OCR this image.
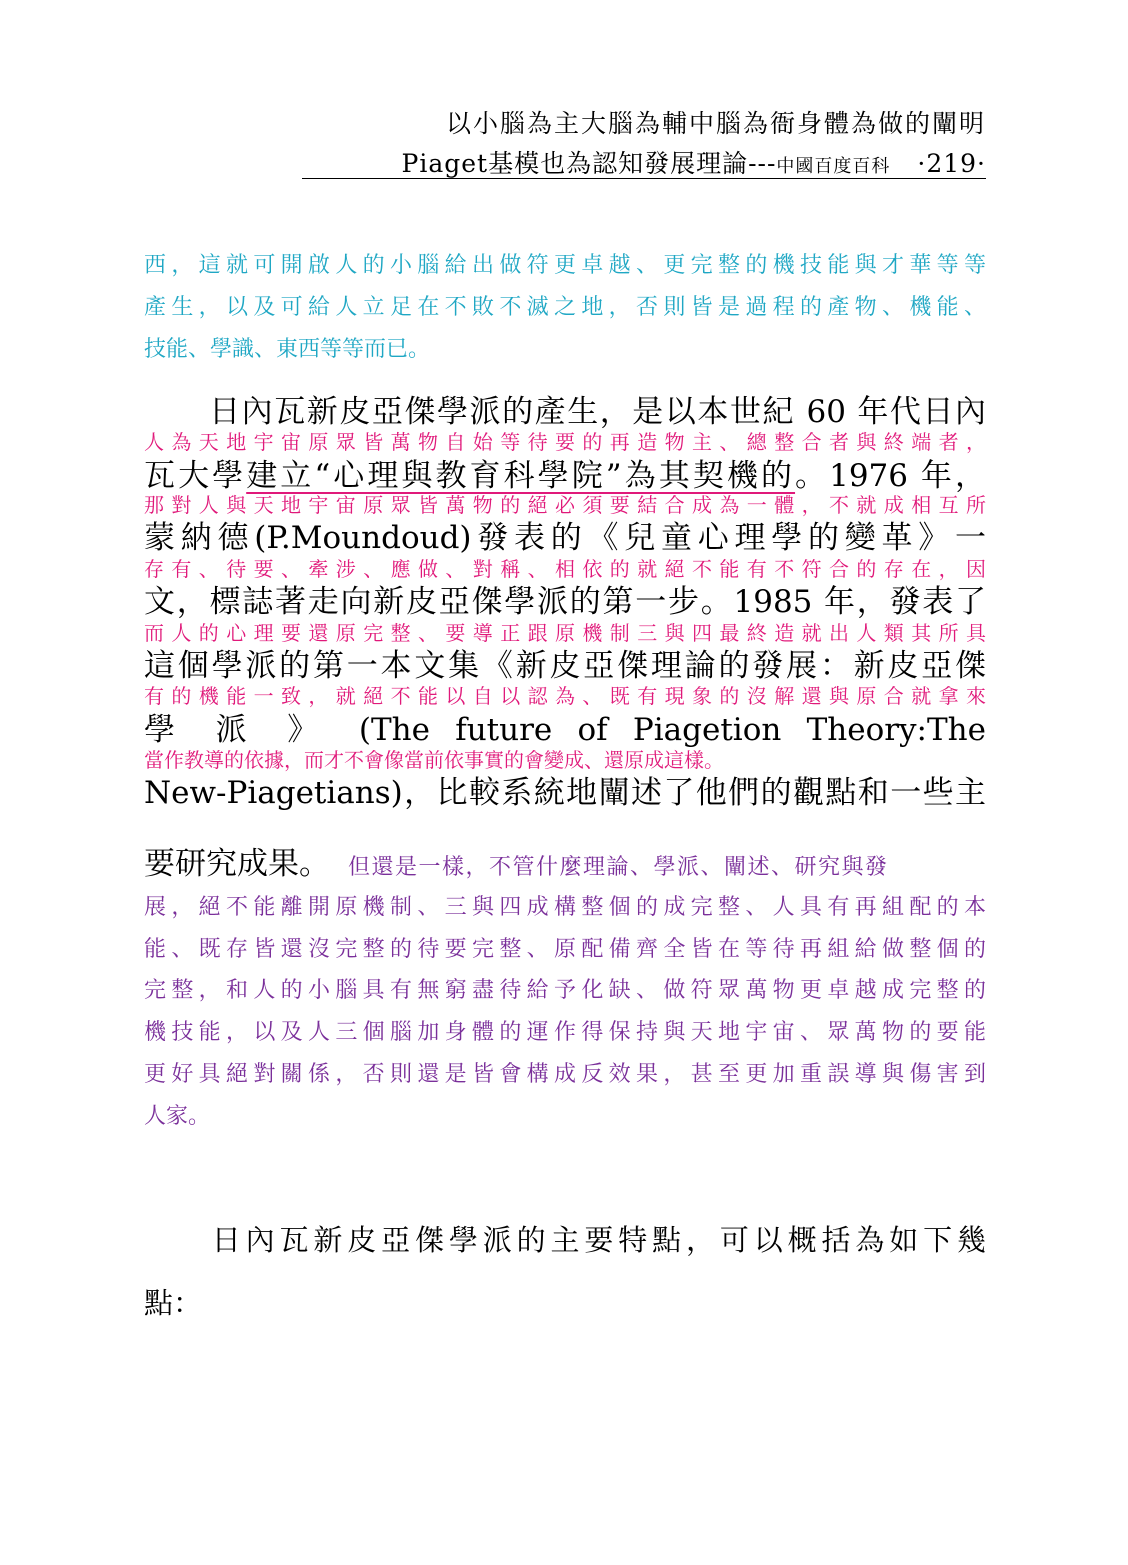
以小腦為主大腦為輔中腦為衙身體為做的闡明
Piaget基模也為認知發展理論---中國百度百科 ·219·
西，這就可開啟人的小腦給出做符更卓越、更完整的機技能與才華等等
產生，以及可給人立足在不敗不滅之地，否則皆是過程的產物、機能、
技能、學識、東西等等而已。
　　日內瓦新皮亞傑學派的產生，是以本世紀 60 年代日內
人為天地宇宙原眾皆萬物自始等待要的再造物主、總整合者與終端者，
瓦大學建立“心理與教育科學院”為其契機的。1976 年，
那對人與天地宇宙原眾皆萬物的絕必須要結合成為一體，不就成相互所
蒙納德(P.Moundoud)發表的《兒童心理學的變革》一
存有、待要、牽涉、應做、對稱、相依的就絕不能有不符合的存在，因
文，標誌著走向新皮亞傑學派的第一步。1985 年，發表了
而人的心理要還原完整、要導正跟原機制三與四最終造就出人類其所具
這個學派的第一本文集《新皮亞傑理論的發展：新皮亞傑
有的機能一致，就絕不能以自以認為、既有現象的沒解還與原合就拿來
學 派 》 (The future of Piagetion Theory:The
當作教導的依據，而才不會像當前依事實的會變成、還原成這樣。
New-Piagetians)，比較系統地闡述了他們的觀點和一些主
要研究成果。 但還是一樣，不管什麼理論、學派、闡述、研究與發
展，絕不能離開原機制、三與四成構整個的成完整、人具有再組配的本
能、既存皆還沒完整的待要完整、原配備齊全皆在等待再組給做整個的
完整，和人的小腦具有無窮盡待給予化缺、做符眾萬物更卓越成完整的
機技能，以及人三個腦加身體的運作得保持與天地宇宙、眾萬物的要能
更好具絕對關係，否則還是皆會構成反效果，甚至更加重誤導與傷害到
人家。
　　日內瓦新皮亞傑學派的主要特點，可以概括為如下幾
點：
